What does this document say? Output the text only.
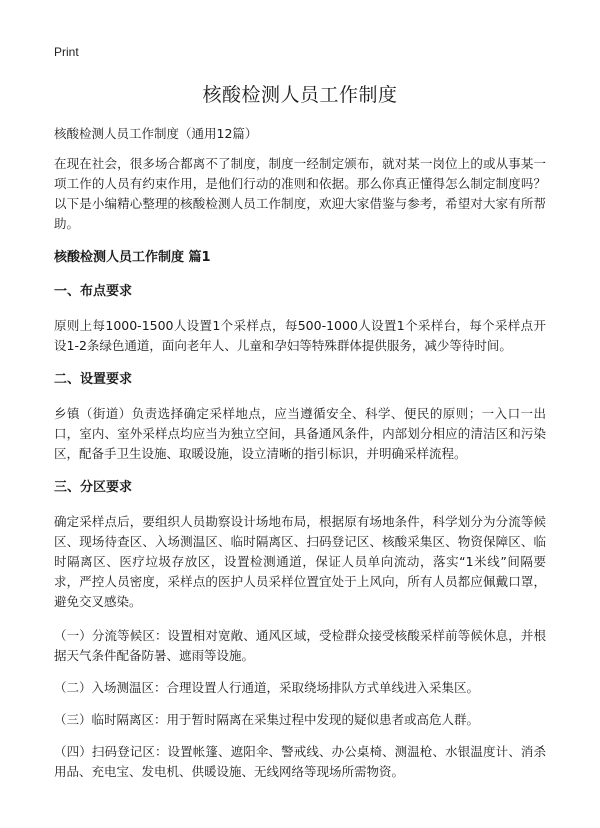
Print
核酸检测人员工作制度

核酸检测人员工作制度（通用12篇）

在现在社会，很多场合都离不了制度，制度一经制定颁布，就对某一岗位上的或从事某一项工作的人员有约束作用，是他们行动的准则和依据。那么你真正懂得怎么制定制度吗？以下是小编精心整理的核酸检测人员工作制度，欢迎大家借鉴与参考，希望对大家有所帮助。

核酸检测人员工作制度 篇1
一、布点要求

原则上每1000-1500人设置1个采样点，每500-1000人设置1个采样台，每个采样点开设1-2条绿色通道，面向老年人、儿童和孕妇等特殊群体提供服务，减少等待时间。

二、设置要求

乡镇（街道）负责选择确定采样地点，应当遵循安全、科学、便民的原则；一入口一出口，室内、室外采样点均应当为独立空间，具备通风条件，内部划分相应的清洁区和污染区，配备手卫生设施、取暖设施，设立清晰的指引标识，并明确采样流程。

三、分区要求

确定采样点后，要组织人员勘察设计场地布局，根据原有场地条件，科学划分为分流等候区、现场待查区、入场测温区、临时隔离区、扫码登记区、核酸采集区、物资保障区、临时隔离区、医疗垃圾存放区，设置检测通道，保证人员单向流动，落实“1米线”间隔要求，严控人员密度，采样点的医护人员采样位置宜处于上风向，所有人员都应佩戴口罩，避免交叉感染。

（一）分流等候区：设置相对宽敞、通风区域，受检群众接受核酸采样前等候休息，并根据天气条件配备防暑、遮雨等设施。

（二）入场测温区：合理设置人行通道，采取绕场排队方式单线进入采集区。

（三）临时隔离区：用于暂时隔离在采集过程中发现的疑似患者或高危人群。

（四）扫码登记区：设置帐篷、遮阳伞、警戒线、办公桌椅、测温枪、水银温度计、消杀用品、充电宝、发电机、供暖设施、无线网络等现场所需物资。
